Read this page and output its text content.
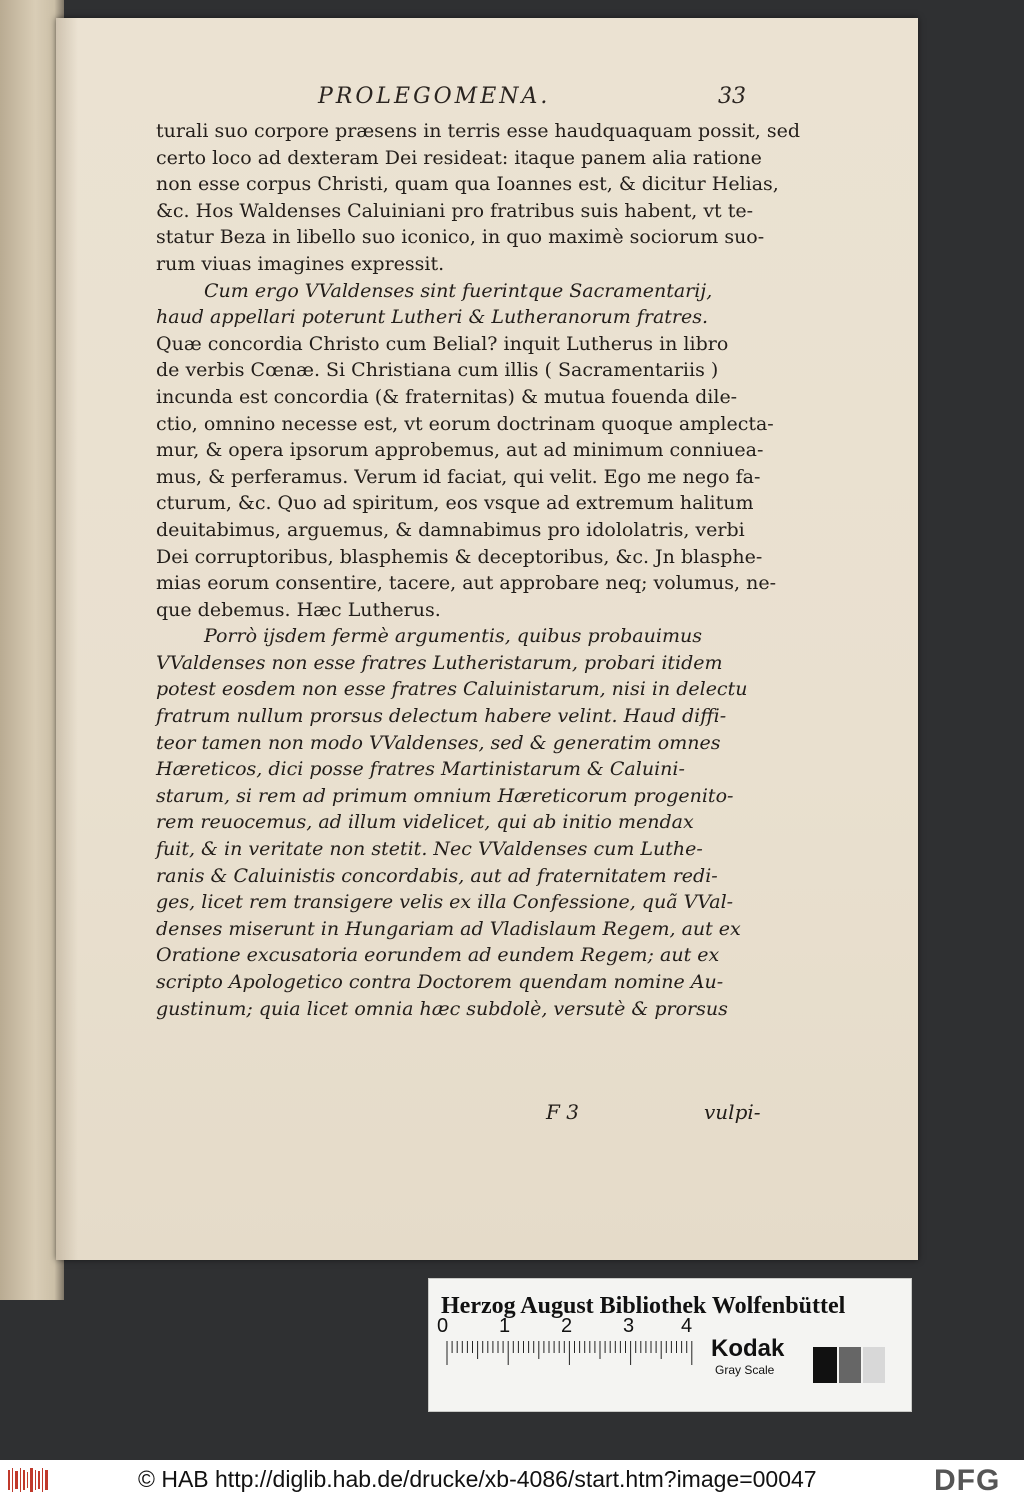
PROLEGOMENA.	33
turali suo corpore præsens in terris esse haudquaquam possit, sed
certo loco ad dexteram Dei resideat: itaque panem alia ratione
non esse corpus Christi, quam qua Ioannes est, & dicitur Helias,
&c. Hos Waldenses Caluiniani pro fratribus suis habent, vt te-
statur Beza in libello suo iconico, in quo maximè sociorum suo-
rum viuas imagines expressit.
Cum ergo VValdenses sint fuerintque Sacramentarij,
haud appellari poterunt Lutheri & Lutheranorum fratres.
Quæ concordia Christo cum Belial? inquit Lutherus in libro
de verbis Cœnæ. Si Christiana cum illis ( Sacramentariis )
incunda est concordia (& fraternitas) & mutua fouenda dile-
ctio, omnino necesse est, vt eorum doctrinam quoque amplecta-
mur, & opera ipsorum approbemus, aut ad minimum conniuea-
mus, & perferamus. Verum id faciat, qui velit. Ego me nego fa-
cturum, &c. Quo ad spiritum, eos vsque ad extremum halitum
deuitabimus, arguemus, & damnabimus pro idololatris, verbi
Dei corruptoribus, blasphemis & deceptoribus, &c. Jn blasphe-
mias eorum consentire, tacere, aut approbare neq; volumus, ne-
que debemus. Hæc Lutherus.
Porrò ijsdem fermè argumentis, quibus probauimus
VValdenses non esse fratres Lutheristarum, probari itidem
potest eosdem non esse fratres Caluinistarum, nisi in delectu
fratrum nullum prorsus delectum habere velint. Haud diffi-
teor tamen non modo VValdenses, sed & generatim omnes
Hæreticos, dici posse fratres Martinistarum & Caluini-
starum, si rem ad primum omnium Hæreticorum progenito-
rem reuocemus, ad illum videlicet, qui ab initio mendax
fuit, & in veritate non stetit. Nec VValdenses cum Luthe-
ranis & Caluinistis concordabis, aut ad fraternitatem redi-
ges, licet rem transigere velis ex illa Confessione, quã VVal-
denses miserunt in Hungariam ad Vladislaum Regem, aut ex
Oratione excusatoria eorundem ad eundem Regem; aut ex
scripto Apologetico contra Doctorem quendam nomine Au-
gustinum; quia licet omnia hæc subdolè, versutè & prorsus
F 3	vulpi-
Herzog August Bibliothek Wolfenbüttel
0	1	2	3 4
Kodak
Gray Scale
© HAB http://diglib.hab.de/drucke/xb-4086/start.htm?image=00047	DFG
